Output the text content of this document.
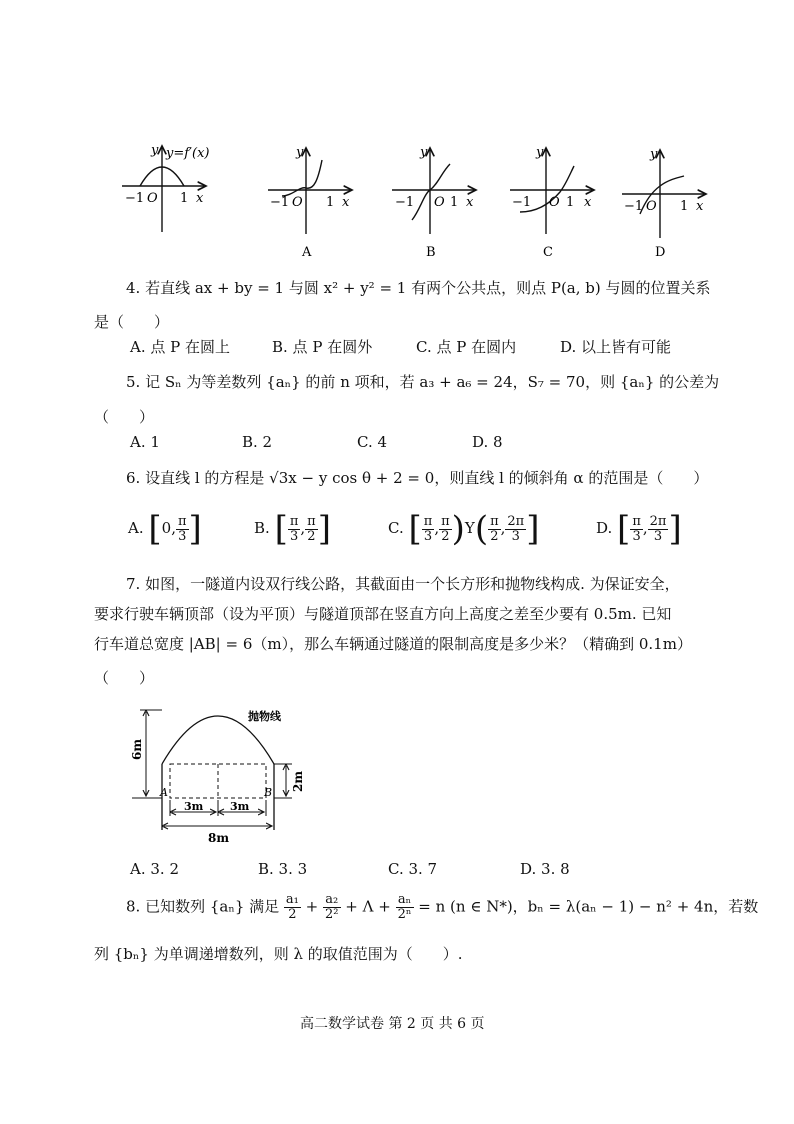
y y=f′(x)
x
−1 O 1
y
x
−1 O 1
y
x
−1 O 1
y
x
−1 O 1
y
x
−1 O 1
A	B	C	D
4. 若直线 ax + by = 1 与圆 x² + y² = 1 有两个公共点，则点 P(a, b) 与圆的位置关系
是（　　）
A. 点 P 在圆上	B. 点 P 在圆外	C. 点 P 在圆内	D. 以上皆有可能
5. 记 Sₙ 为等差数列 {aₙ} 的前 n 项和，若 a₃ + a₆ = 24，S₇ = 70，则 {aₙ} 的公差为
（　　）
A. 1	B. 2	C. 4	D. 8
6. 设直线 l 的方程是 √3x − y cos θ + 2 = 0，则直线 l 的倾斜角 α 的范围是（　　）
A. [0, $\frac{\pi}{3}$ ]	B. [ $\frac{\pi}{3}$ , $\frac{\pi}{2}$ ]	C. [ $\frac{\pi}{3}$ , $\frac{\pi}{2} )Y( \frac{\pi}{2}$ , $\frac{2\pi}{3}$ ]	D. [ $\frac{\pi}{3}$ , $\frac{2\pi}{3}$ ]
7. 如图，一隧道内设双行线公路，其截面由一个长方形和抛物线构成. 为保证安全，
要求行驶车辆顶部（设为平顶）与隧道顶部在竖直方向上高度之差至少要有 0.5m. 已知
行车道总宽度 |AB| = 6（m），那么车辆通过隧道的限制高度是多少米？（精确到 0.1m）
（　　）
6m
2m
抛物线
A	B
3m 3m
8m
A. 3. 2	B. 3. 3	C. 3. 7	D. 3. 8
8. 已知数列 {aₙ} 满足 $\frac{\text{a₁}}{2} + \frac{\text{a₂}}{\text{2²}} + \Lambda + \frac{\text{aₙ}}{\text{2ⁿ}} = n$ (n ∈ N*)，bₙ = λ(aₙ − 1) − n² + 4n，若数
列 {bₙ} 为单调递增数列，则 λ 的取值范围为（　　）.
高二数学试卷 第 2 页 共 6 页
